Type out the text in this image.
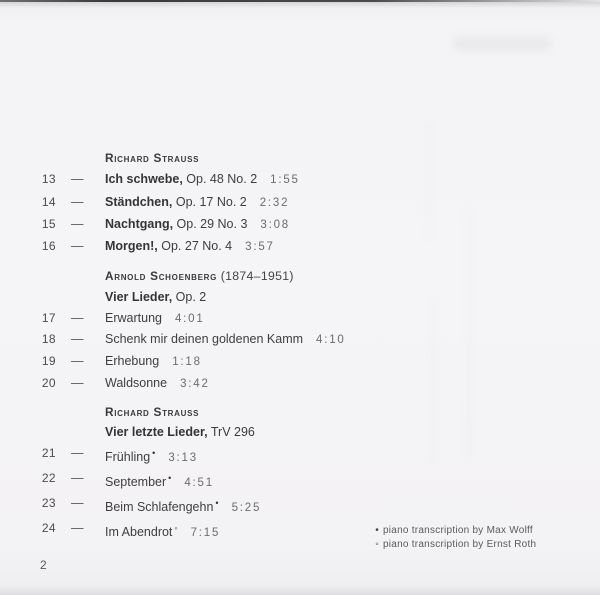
Richard Strauss
13	—	Ich schwebe, Op. 48 No. 2 1:55
14	—	Ständchen, Op. 17 No. 2 2:32
15	—	Nachtgang, Op. 29 No. 3 3:08
16	—	Morgen!, Op. 27 No. 4 3:57
Arnold Schoenberg (1874–1951)
Vier Lieder, Op. 2
17	—	Erwartung 4:01
18	—	Schenk mir deinen goldenen Kamm 4:10
19	—	Erhebung 1:18
20	—	Waldsonne 3:42
Richard Strauss
Vier letzte Lieder, TrV 296
21	—	Frühling • 3:13
22	—	September • 4:51
23	—	Beim Schlafengehn • 5:25
24	—	Im Abendrot ◦ 7:15	• piano transcription by Max Wolff
◦ piano transcription by Ernst Roth
2
